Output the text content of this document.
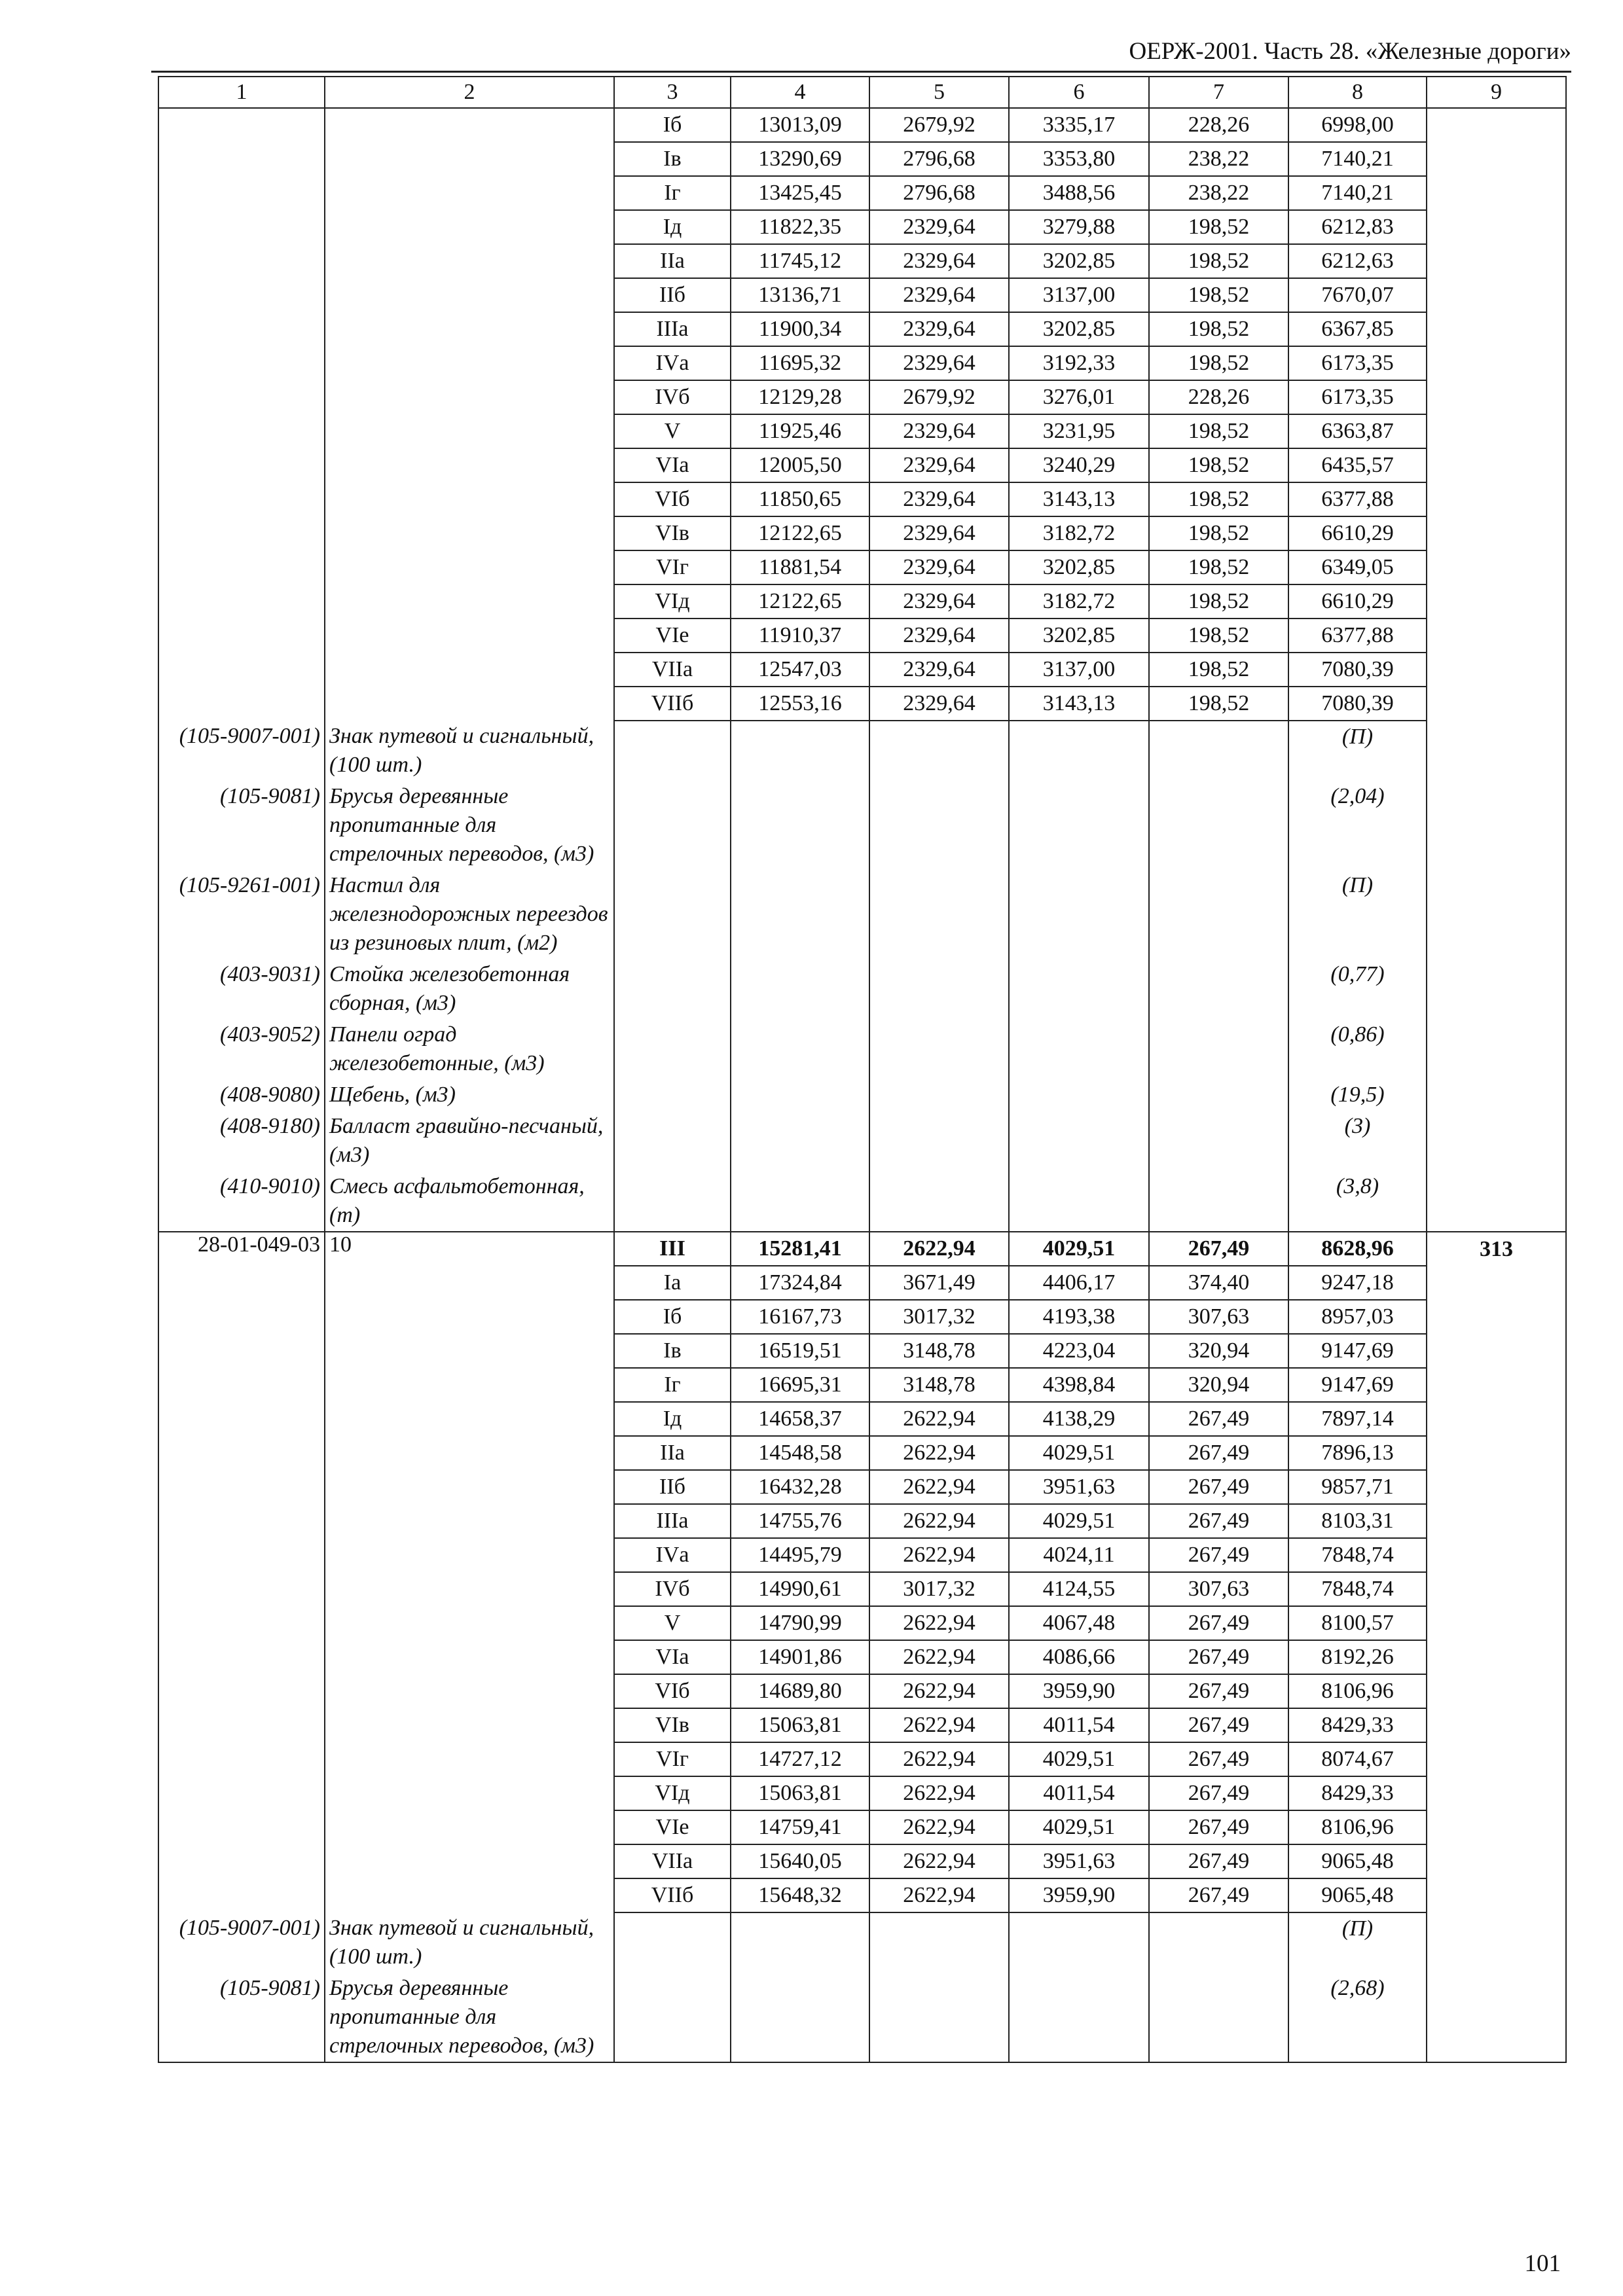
ОЕРЖ-2001. Часть 28. «Железные дороги»
1	2	3	4	5	6	7	8	9
		Iб	13013,09	2679,92	3335,17	228,26	6998,00	
		Iв	13290,69	2796,68	3353,80	238,22	7140,21	
		Iг	13425,45	2796,68	3488,56	238,22	7140,21	
		Iд	11822,35	2329,64	3279,88	198,52	6212,83	
		IIа	11745,12	2329,64	3202,85	198,52	6212,63	
		IIб	13136,71	2329,64	3137,00	198,52	7670,07	
		IIIа	11900,34	2329,64	3202,85	198,52	6367,85	
		IVа	11695,32	2329,64	3192,33	198,52	6173,35	
		IVб	12129,28	2679,92	3276,01	228,26	6173,35	
		V	11925,46	2329,64	3231,95	198,52	6363,87	
		VIа	12005,50	2329,64	3240,29	198,52	6435,57	
		VIб	11850,65	2329,64	3143,13	198,52	6377,88	
		VIв	12122,65	2329,64	3182,72	198,52	6610,29	
		VIг	11881,54	2329,64	3202,85	198,52	6349,05	
		VIд	12122,65	2329,64	3182,72	198,52	6610,29	
		VIе	11910,37	2329,64	3202,85	198,52	6377,88	
		VIIа	12547,03	2329,64	3137,00	198,52	7080,39	
		VIIб	12553,16	2329,64	3143,13	198,52	7080,39	
(105-9007-001)	Знак путевой и сигнальный, (100 шт.)						(П)	
(105-9081)	Брусья деревянные пропитанные для стрелочных переводов, (м3)						(2,04)	
(105-9261-001)	Настил для железнодорожных переездов из резиновых плит, (м2)						(П)	
(403-9031)	Стойка железобетонная сборная, (м3)						(0,77)	
(403-9052)	Панели оград железобетонные, (м3)						(0,86)	
(408-9080)	Щебень, (м3)						(19,5)	
(408-9180)	Балласт гравийно-песчаный, (м3)						(3)	
(410-9010)	Смесь асфальтобетонная, (т)						(3,8)	
28-01-049-03	10	III	15281,41	2622,94	4029,51	267,49	8628,96	313
		Iа	17324,84	3671,49	4406,17	374,40	9247,18	
		Iб	16167,73	3017,32	4193,38	307,63	8957,03	
		Iв	16519,51	3148,78	4223,04	320,94	9147,69	
		Iг	16695,31	3148,78	4398,84	320,94	9147,69	
		Iд	14658,37	2622,94	4138,29	267,49	7897,14	
		IIа	14548,58	2622,94	4029,51	267,49	7896,13	
		IIб	16432,28	2622,94	3951,63	267,49	9857,71	
		IIIа	14755,76	2622,94	4029,51	267,49	8103,31	
		IVа	14495,79	2622,94	4024,11	267,49	7848,74	
		IVб	14990,61	3017,32	4124,55	307,63	7848,74	
		V	14790,99	2622,94	4067,48	267,49	8100,57	
		VIа	14901,86	2622,94	4086,66	267,49	8192,26	
		VIб	14689,80	2622,94	3959,90	267,49	8106,96	
		VIв	15063,81	2622,94	4011,54	267,49	8429,33	
		VIг	14727,12	2622,94	4029,51	267,49	8074,67	
		VIд	15063,81	2622,94	4011,54	267,49	8429,33	
		VIе	14759,41	2622,94	4029,51	267,49	8106,96	
		VIIа	15640,05	2622,94	3951,63	267,49	9065,48	
		VIIб	15648,32	2622,94	3959,90	267,49	9065,48	
(105-9007-001)	Знак путевой и сигнальный, (100 шт.)						(П)	
(105-9081)	Брусья деревянные пропитанные для стрелочных переводов, (м3)						(2,68)	
101
